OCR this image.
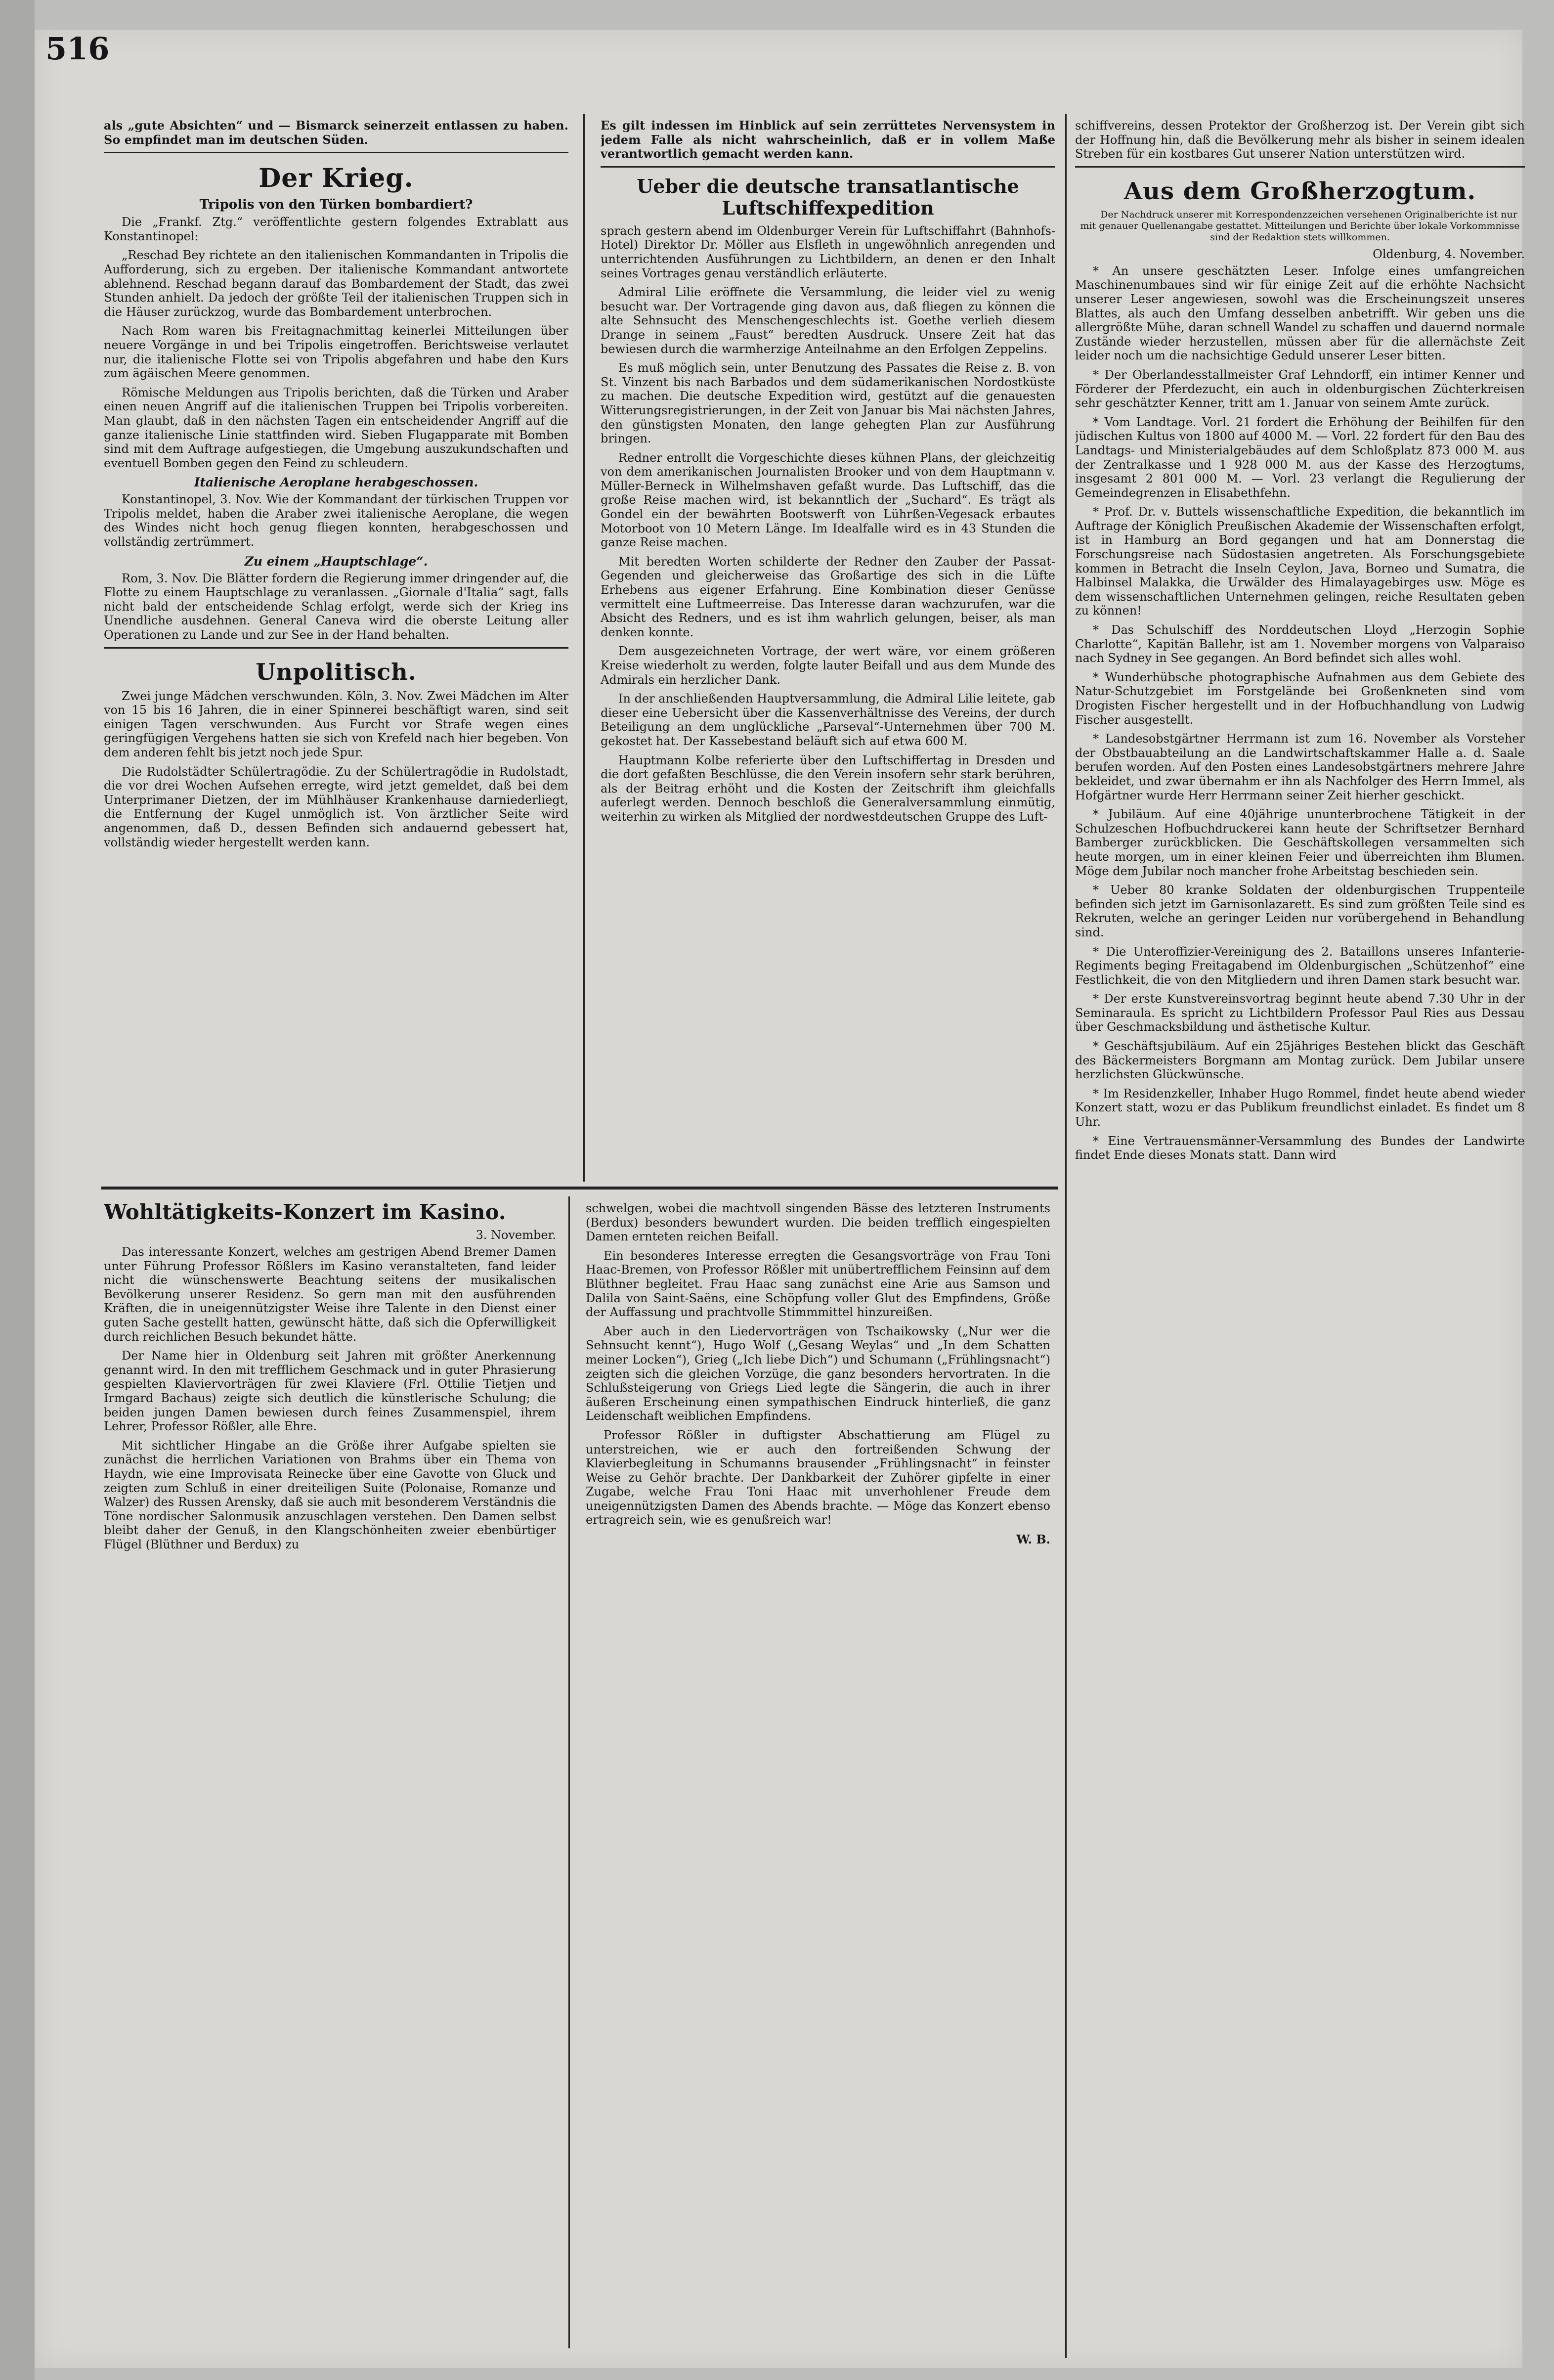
516

als „gute Absichten“ und — Bismarck seinerzeit entlassen zu haben. So empfindet man im deutschen Süden.

Der Krieg.
Tripolis von den Türken bombardiert?

Die „Frankf. Ztg.“ veröffentlichte gestern folgendes Extrablatt aus Konstantinopel:

„Reschad Bey richtete an den italienischen Kommandanten in Tripolis die Aufforderung, sich zu ergeben. Der italienische Kommandant antwortete ablehnend. Reschad begann darauf das Bombardement der Stadt, das zwei Stunden anhielt. Da jedoch der größte Teil der italienischen Truppen sich in die Häuser zurückzog, wurde das Bombardement unterbrochen.

Nach Rom waren bis Freitagnachmittag keinerlei Mitteilungen über neuere Vorgänge in und bei Tripolis eingetroffen. Berichtsweise verlautet nur, die italienische Flotte sei von Tripolis abgefahren und habe den Kurs zum ägäischen Meere genommen.

Römische Meldungen aus Tripolis berichten, daß die Türken und Araber einen neuen Angriff auf die italienischen Truppen bei Tripolis vorbereiten. Man glaubt, daß in den nächsten Tagen ein entscheidender Angriff auf die ganze italienische Linie stattfinden wird. Sieben Flugapparate mit Bomben sind mit dem Auftrage aufgestiegen, die Umgebung auszukundschaften und eventuell Bomben gegen den Feind zu schleudern.

Italienische Aeroplane herabgeschossen.

Konstantinopel, 3. Nov. Wie der Kommandant der türkischen Truppen vor Tripolis meldet, haben die Araber zwei italienische Aeroplane, die wegen des Windes nicht hoch genug fliegen konnten, herabgeschossen und vollständig zertrümmert.

Zu einem „Hauptschlage“.

Rom, 3. Nov. Die Blätter fordern die Regierung immer dringender auf, die Flotte zu einem Hauptschlage zu veranlassen. „Giornale d'Italia“ sagt, falls nicht bald der entscheidende Schlag erfolgt, werde sich der Krieg ins Unendliche ausdehnen. General Caneva wird die oberste Leitung aller Operationen zu Lande und zur See in der Hand behalten.

Unpolitisch.

Zwei junge Mädchen verschwunden. Köln, 3. Nov. Zwei Mädchen im Alter von 15 bis 16 Jahren, die in einer Spinnerei beschäftigt waren, sind seit einigen Tagen verschwunden. Aus Furcht vor Strafe wegen eines geringfügigen Vergehens hatten sie sich von Krefeld nach hier begeben. Von dem anderen fehlt bis jetzt noch jede Spur.

Die Rudolstädter Schülertragödie. Zu der Schülertragödie in Rudolstadt, die vor drei Wochen Aufsehen erregte, wird jetzt gemeldet, daß bei dem Unterprimaner Dietzen, der im Mühlhäuser Krankenhause darniederliegt, die Entfernung der Kugel unmöglich ist. Von ärztlicher Seite wird angenommen, daß D., dessen Befinden sich andauernd gebessert hat, vollständig wieder hergestellt werden kann.

Es gilt indessen im Hinblick auf sein zerrüttetes Nervensystem in jedem Falle als nicht wahrscheinlich, daß er in vollem Maße verantwortlich gemacht werden kann.

Ueber die deutsche transatlantische Luftschiffexpedition

sprach gestern abend im Oldenburger Verein für Luftschiffahrt (Bahnhofs-Hotel) Direktor Dr. Möller aus Elsfleth in ungewöhnlich anregenden und unterrichtenden Ausführungen zu Lichtbildern, an denen er den Inhalt seines Vortrages genau verständlich erläuterte.

Admiral Lilie eröffnete die Versammlung, die leider viel zu wenig besucht war. Der Vortragende ging davon aus, daß fliegen zu können die alte Sehnsucht des Menschengeschlechts ist. Goethe verlieh diesem Drange in seinem „Faust“ beredten Ausdruck. Unsere Zeit hat das bewiesen durch die warmherzige Anteilnahme an den Erfolgen Zeppelins.

Es muß möglich sein, unter Benutzung des Passates die Reise z. B. von St. Vinzent bis nach Barbados und dem südamerikanischen Nordostküste zu machen. Die deutsche Expedition wird, gestützt auf die genauesten Witterungsregistrierungen, in der Zeit von Januar bis Mai nächsten Jahres, den günstigsten Monaten, den lange gehegten Plan zur Ausführung bringen.

Redner entrollt die Vorgeschichte dieses kühnen Plans, der gleichzeitig von dem amerikanischen Journalisten Brooker und von dem Hauptmann v. Müller-Berneck in Wilhelmshaven gefaßt wurde. Das Luftschiff, das die große Reise machen wird, ist bekanntlich der „Suchard“. Es trägt als Gondel ein der bewährten Bootswerft von Lührßen-Vegesack erbautes Motorboot von 10 Metern Länge. Im Idealfalle wird es in 43 Stunden die ganze Reise machen.

Mit beredten Worten schilderte der Redner den Zauber der Passat-Gegenden und gleicherweise das Großartige des sich in die Lüfte Erhebens aus eigener Erfahrung. Eine Kombination dieser Genüsse vermittelt eine Luftmeerreise. Das Interesse daran wachzurufen, war die Absicht des Redners, und es ist ihm wahrlich gelungen, beiser, als man denken konnte.

Dem ausgezeichneten Vortrage, der wert wäre, vor einem größeren Kreise wiederholt zu werden, folgte lauter Beifall und aus dem Munde des Admirals ein herzlicher Dank.

In der anschließenden Hauptversammlung, die Admiral Lilie leitete, gab dieser eine Uebersicht über die Kassenverhältnisse des Vereins, der durch Beteiligung an dem unglückliche „Parseval“-Unternehmen über 700 M. gekostet hat. Der Kassebestand beläuft sich auf etwa 600 M.

Hauptmann Kolbe referierte über den Luftschiffertag in Dresden und die dort gefaßten Beschlüsse, die den Verein insofern sehr stark berühren, als der Beitrag erhöht und die Kosten der Zeitschrift ihm gleichfalls auferlegt werden. Dennoch beschloß die Generalversammlung einmütig, weiterhin zu wirken als Mitglied der nordwestdeutschen Gruppe des Luft-

schiffvereins, dessen Protektor der Großherzog ist. Der Verein gibt sich der Hoffnung hin, daß die Bevölkerung mehr als bisher in seinem idealen Streben für ein kostbares Gut unserer Nation unterstützen wird.

Aus dem Großherzogtum.

Der Nachdruck unserer mit Korrespondenzzeichen versehenen Originalberichte ist nur mit genauer Quellenangabe gestattet. Mitteilungen und Berichte über lokale Vorkommnisse sind der Redaktion stets willkommen.

Oldenburg, 4. November.

* An unsere geschätzten Leser. Infolge eines umfangreichen Maschinenumbaues sind wir für einige Zeit auf die erhöhte Nachsicht unserer Leser angewiesen, sowohl was die Erscheinungszeit unseres Blattes, als auch den Umfang desselben anbetrifft. Wir geben uns die allergrößte Mühe, daran schnell Wandel zu schaffen und dauernd normale Zustände wieder herzustellen, müssen aber für die allernächste Zeit leider noch um die nachsichtige Geduld unserer Leser bitten.

* Der Oberlandesstallmeister Graf Lehndorff, ein intimer Kenner und Förderer der Pferdezucht, ein auch in oldenburgischen Züchterkreisen sehr geschätzter Kenner, tritt am 1. Januar von seinem Amte zurück.

* Vom Landtage. Vorl. 21 fordert die Erhöhung der Beihilfen für den jüdischen Kultus von 1800 auf 4000 M. — Vorl. 22 fordert für den Bau des Landtags- und Ministerialgebäudes auf dem Schloßplatz 873 000 M. aus der Zentralkasse und 1 928 000 M. aus der Kasse des Herzogtums, insgesamt 2 801 000 M. — Vorl. 23 verlangt die Regulierung der Gemeindegrenzen in Elisabethfehn.

* Prof. Dr. v. Buttels wissenschaftliche Expedition, die bekanntlich im Auftrage der Königlich Preußischen Akademie der Wissenschaften erfolgt, ist in Hamburg an Bord gegangen und hat am Donnerstag die Forschungsreise nach Südostasien angetreten. Als Forschungsgebiete kommen in Betracht die Inseln Ceylon, Java, Borneo und Sumatra, die Halbinsel Malakka, die Urwälder des Himalayagebirges usw. Möge es dem wissenschaftlichen Unternehmen gelingen, reiche Resultaten geben zu können!

* Das Schulschiff des Norddeutschen Lloyd „Herzogin Sophie Charlotte“, Kapitän Ballehr, ist am 1. November morgens von Valparaiso nach Sydney in See gegangen. An Bord befindet sich alles wohl.

* Wunderhübsche photographische Aufnahmen aus dem Gebiete des Natur-Schutzgebiet im Forstgelände bei Großenkneten sind vom Drogisten Fischer hergestellt und in der Hofbuchhandlung von Ludwig Fischer ausgestellt.

* Landesobstgärtner Herrmann ist zum 16. November als Vorsteher der Obstbauabteilung an die Landwirtschaftskammer Halle a. d. Saale berufen worden. Auf den Posten eines Landesobstgärtners mehrere Jahre bekleidet, und zwar übernahm er ihn als Nachfolger des Herrn Immel, als Hofgärtner wurde Herr Herrmann seiner Zeit hierher geschickt.

* Jubiläum. Auf eine 40jährige ununterbrochene Tätigkeit in der Schulzeschen Hofbuchdruckerei kann heute der Schriftsetzer Bernhard Bamberger zurückblicken. Die Geschäftskollegen versammelten sich heute morgen, um in einer kleinen Feier und überreichten ihm Blumen. Möge dem Jubilar noch mancher frohe Arbeitstag beschieden sein.

* Ueber 80 kranke Soldaten der oldenburgischen Truppenteile befinden sich jetzt im Garnisonlazarett. Es sind zum größten Teile sind es Rekruten, welche an geringer Leiden nur vorübergehend in Behandlung sind.

* Die Unteroffizier-Vereinigung des 2. Bataillons unseres Infanterie-Regiments beging Freitagabend im Oldenburgischen „Schützenhof“ eine Festlichkeit, die von den Mitgliedern und ihren Damen stark besucht war.

* Der erste Kunstvereinsvortrag beginnt heute abend 7.30 Uhr in der Seminaraula. Es spricht zu Lichtbildern Professor Paul Ries aus Dessau über Geschmacksbildung und ästhetische Kultur.

* Geschäftsjubiläum. Auf ein 25jähriges Bestehen blickt das Geschäft des Bäckermeisters Borgmann am Montag zurück. Dem Jubilar unsere herzlichsten Glückwünsche.

* Im Residenzkeller, Inhaber Hugo Rommel, findet heute abend wieder Konzert statt, wozu er das Publikum freundlichst einladet. Es findet um 8 Uhr.

* Eine Vertrauensmänner-Versammlung des Bundes der Landwirte findet Ende dieses Monats statt. Dann wird

Wohltätigkeits-Konzert im Kasino.
3. November.

Das interessante Konzert, welches am gestrigen Abend Bremer Damen unter Führung Professor Rößlers im Kasino veranstalteten, fand leider nicht die wünschenswerte Beachtung seitens der musikalischen Bevölkerung unserer Residenz. So gern man mit den ausführenden Kräften, die in uneigennützigster Weise ihre Talente in den Dienst einer guten Sache gestellt hatten, gewünscht hätte, daß sich die Opferwilligkeit durch reichlichen Besuch bekundet hätte.

Der Name hier in Oldenburg seit Jahren mit größter Anerkennung genannt wird. In den mit trefflichem Geschmack und in guter Phrasierung gespielten Klaviervorträgen für zwei Klaviere (Frl. Ottilie Tietjen und Irmgard Bachaus) zeigte sich deutlich die künstlerische Schulung; die beiden jungen Damen bewiesen durch feines Zusammenspiel, ihrem Lehrer, Professor Rößler, alle Ehre.

Mit sichtlicher Hingabe an die Größe ihrer Aufgabe spielten sie zunächst die herrlichen Variationen von Brahms über ein Thema von Haydn, wie eine Improvisata Reinecke über eine Gavotte von Gluck und zeigten zum Schluß in einer dreiteiligen Suite (Polonaise, Romanze und Walzer) des Russen Arensky, daß sie auch mit besonderem Verständnis die Töne nordischer Salonmusik anzuschlagen verstehen. Den Damen selbst bleibt daher der Genuß, in den Klangschönheiten zweier ebenbürtiger Flügel (Blüthner und Berdux) zu

schwelgen, wobei die machtvoll singenden Bässe des letzteren Instruments (Berdux) besonders bewundert wurden. Die beiden trefflich eingespielten Damen ernteten reichen Beifall.

Ein besonderes Interesse erregten die Gesangsvorträge von Frau Toni Haac-Bremen, von Professor Rößler mit unübertrefflichem Feinsinn auf dem Blüthner begleitet. Frau Haac sang zunächst eine Arie aus Samson und Dalila von Saint-Saëns, eine Schöpfung voller Glut des Empfindens, Größe der Auffassung und prachtvolle Stimmmittel hinzureißen.

Aber auch in den Liedervorträgen von Tschaikowsky („Nur wer die Sehnsucht kennt“), Hugo Wolf („Gesang Weylas“ und „In dem Schatten meiner Locken“), Grieg („Ich liebe Dich“) und Schumann („Frühlingsnacht“) zeigten sich die gleichen Vorzüge, die ganz besonders hervortraten. In die Schlußsteigerung von Griegs Lied legte die Sängerin, die auch in ihrer äußeren Erscheinung einen sympathischen Eindruck hinterließ, die ganz Leidenschaft weiblichen Empfindens.

Professor Rößler in duftigster Abschattierung am Flügel zu unterstreichen, wie er auch den fortreißenden Schwung der Klavierbegleitung in Schumanns brausender „Frühlingsnacht“ in feinster Weise zu Gehör brachte. Der Dankbarkeit der Zuhörer gipfelte in einer Zugabe, welche Frau Toni Haac mit unverhohlener Freude dem uneigennützigsten Damen des Abends brachte. — Möge das Konzert ebenso ertragreich sein, wie es genußreich war!

W. B.
